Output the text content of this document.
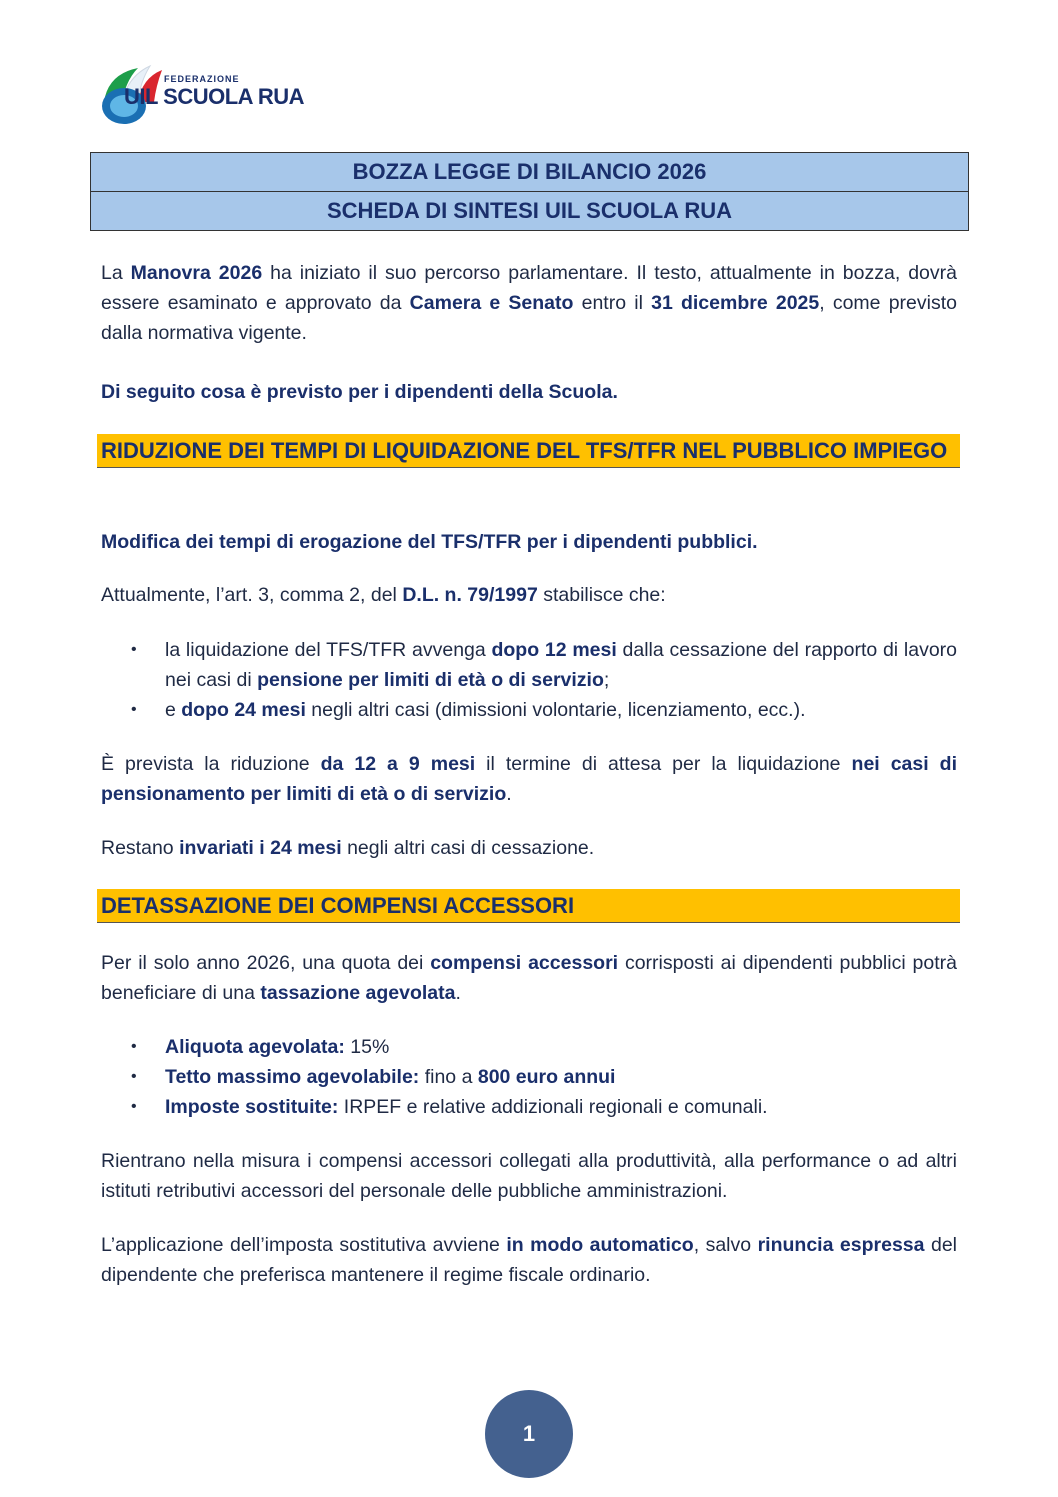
FEDERAZIONE
UIL SCUOLA RUA
BOZZA LEGGE DI BILANCIO 2026
SCHEDA DI SINTESI UIL SCUOLA RUA
La Manovra 2026 ha iniziato il suo percorso parlamentare. Il testo, attualmente in bozza, dovrà essere esaminato e approvato da Camera e Senato entro il 31 dicembre 2025, come previsto dalla normativa vigente.
Di seguito cosa è previsto per i dipendenti della Scuola.
RIDUZIONE DEI TEMPI DI LIQUIDAZIONE DEL TFS/TFR NEL PUBBLICO IMPIEGO
Modifica dei tempi di erogazione del TFS/TFR per i dipendenti pubblici.
Attualmente, l’art. 3, comma 2, del D.L. n. 79/1997 stabilisce che:
• la liquidazione del TFS/TFR avvenga dopo 12 mesi dalla cessazione del rapporto di lavoro nei casi di pensione per limiti di età o di servizio;
• e dopo 24 mesi negli altri casi (dimissioni volontarie, licenziamento, ecc.).
È prevista la riduzione da 12 a 9 mesi il termine di attesa per la liquidazione nei casi di pensionamento per limiti di età o di servizio.
Restano invariati i 24 mesi negli altri casi di cessazione.
DETASSAZIONE DEI COMPENSI ACCESSORI
Per il solo anno 2026, una quota dei compensi accessori corrisposti ai dipendenti pubblici potrà beneficiare di una tassazione agevolata.
• Aliquota agevolata: 15%
• Tetto massimo agevolabile: fino a 800 euro annui
• Imposte sostituite: IRPEF e relative addizionali regionali e comunali.
Rientrano nella misura i compensi accessori collegati alla produttività, alla performance o ad altri istituti retributivi accessori del personale delle pubbliche amministrazioni.
L’applicazione dell’imposta sostitutiva avviene in modo automatico, salvo rinuncia espressa del dipendente che preferisca mantenere il regime fiscale ordinario.
1
